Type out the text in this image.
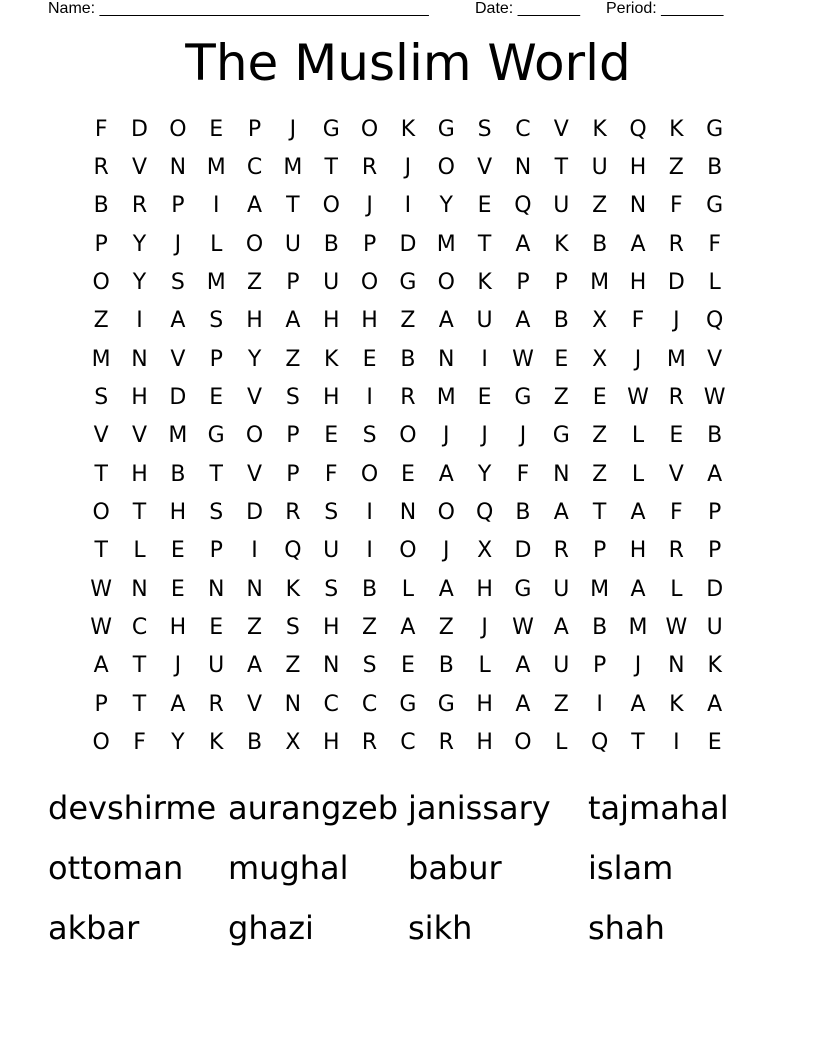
Name: _____________________________________

	Date: _______

Period: _______

The Muslim World
F	D O	E	P	J	G O	K	G	S	C	V	K	Q	K	G
R	V	N M C M	T	R	J	O	V	N	T	U	H	Z	B
B	R	P	I	A	T	O	J	I	Y	E	Q U	Z	N	F	G
P	Y	J	L	O U	B	P	D M	T	A	K	B	A	R	F
O	Y	S M Z	P	U O G O	K	P	P	M H D	L
Z	I	A	S	H	A	H H	Z	A	U	A	B	X	F	J	Q
M N	V	P	Y	Z	K	E	B	N	I	W E	X	J	M V
S	H D	E	V	S	H	I	R M E	G	Z	E W R W
V	V M G O	P	E	S	O	J	J	J	G	Z	L	E	B
T	H	B	T	V	P	F	O	E	A	Y	F	N	Z	L	V	A
O	T	H	S	D	R	S	I	N O Q	B	A	T	A	F	P
T	L	E	P	I	Q U	I	O	J	X	D	R	P	H	R	P
W N	E	N N	K	S	B	L	A	H G U M A	L	D
W C	H	E	Z	S	H	Z	A	Z	J	W A	B M W U
A	T	J	U	A	Z	N	S	E	B	L	A	U	P	J	N	K
P	T	A	R	V	N	C	C	G G H	A	Z	I	A	K	A
O	F	Y	K	B	X	H	R	C	R	H O	L	Q	T	I	E
devshirme aurangzeb janissary	tajmahal
ottoman	mughal	babur	islam
akbar	ghazi	sikh	shah
